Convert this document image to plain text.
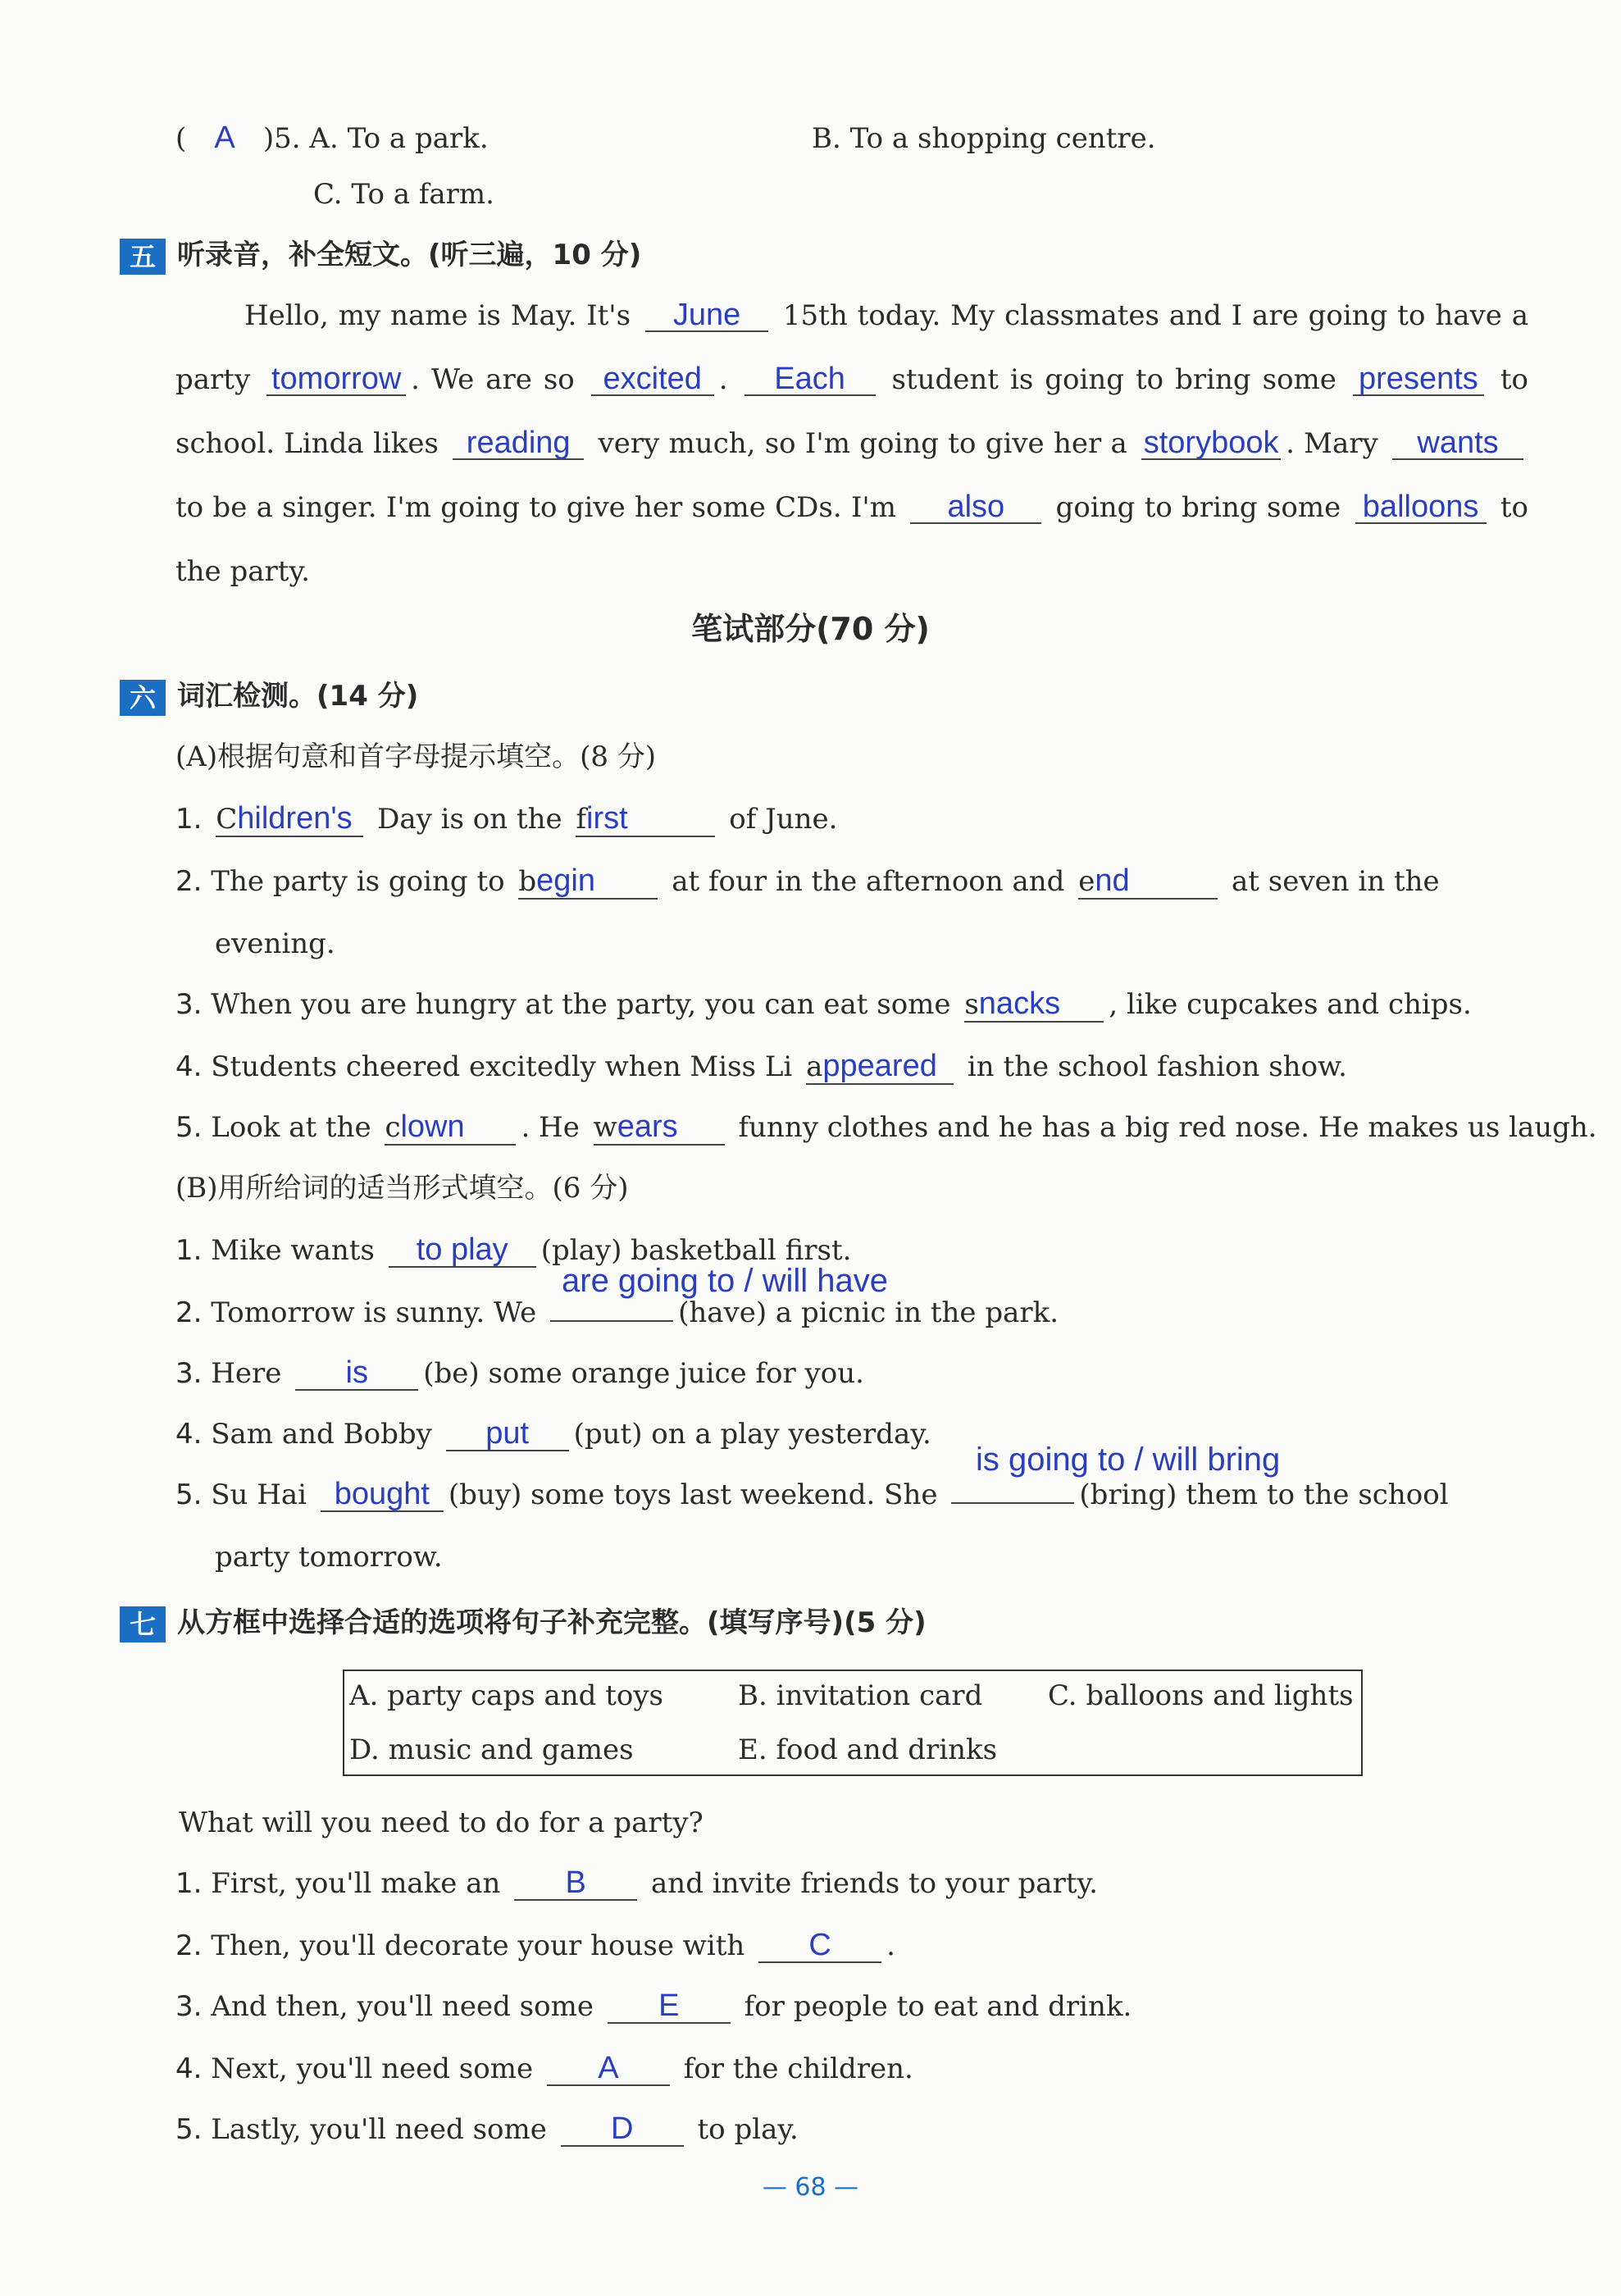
( A )5. A. To a park.	B. To a shopping centre.
C. To a farm.
五 听录音，补全短文。(听三遍，10 分)
Hello, my name is May. It's June 15th today. My classmates and I are going to have a party tomorrow . We are so excited . Each student is going to bring some presents to school. Linda likes reading very much, so I'm going to give her a storybook . Mary wants to be a singer. I'm going to give her some CDs. I'm also going to bring some balloons to the party.
笔试部分(70 分)
六 词汇检测。(14 分)
(A)根据句意和首字母提示填空。(8 分)
1. Children's Day is on the first	of June.
2. The party is going to begin	at four in the afternoon and end	at seven in the
evening.
3. When you are hungry at the party, you can eat some snacks , like cupcakes and chips.
4. Students cheered excitedly when Miss Li appeared in the school fashion show.
5. Look at the clown . He wears funny clothes and he has a big red nose. He makes us laugh.
(B)用所给词的适当形式填空。(6 分)
1. Mike wants to play (play) basketball first.
are going to / will have
2. Tomorrow is sunny. We	(have) a picnic in the park.
3. Here is (be) some orange juice for you.
4. Sam and Bobby put (put) on a play yesterday.
is going to / will bring
5. Su Hai bought (buy) some toys last weekend. She	(bring) them to the school
party tomorrow.
七 从方框中选择合适的选项将句子补充完整。(填写序号)(5 分)
A. party caps and toys	B. invitation card C. balloons and lights
D. music and games	E. food and drinks
What will you need to do for a party?
1. First, you'll make an B and invite friends to your party.
2. Then, you'll decorate your house with C .
3. And then, you'll need some E for people to eat and drink.
4. Next, you'll need some A for the children.
5. Lastly, you'll need some D to play.
— 68 —
